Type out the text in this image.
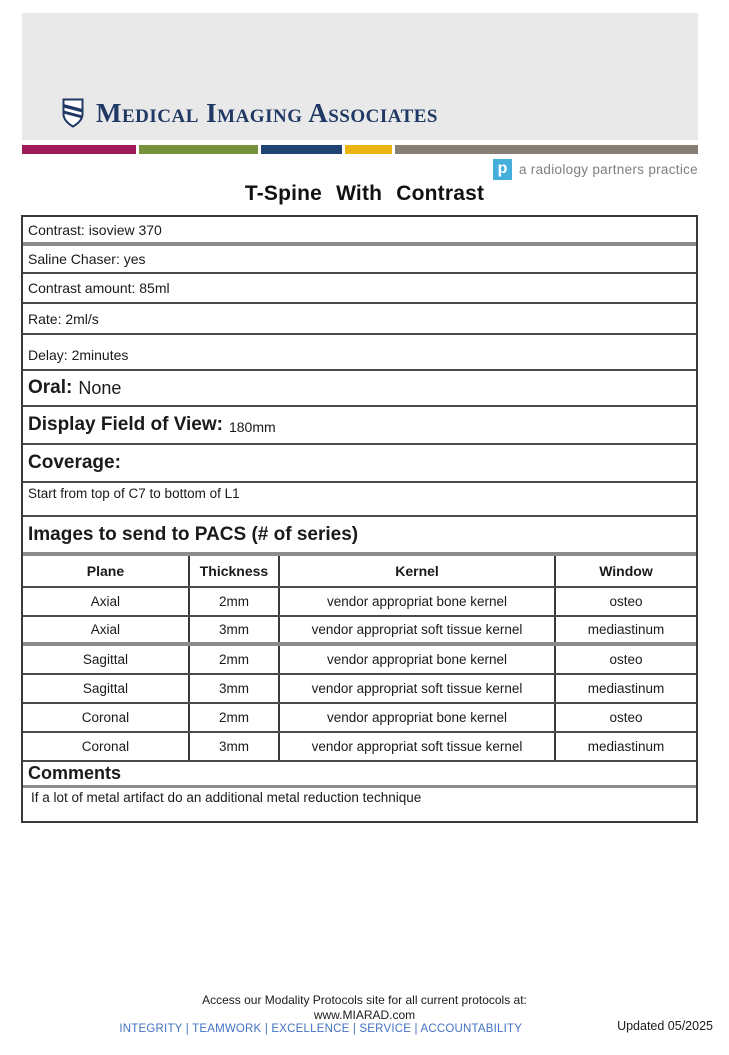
Medical Imaging Associates
p a radiology partners practice
T-Spine With Contrast
Contrast: isoview 370
Saline Chaser: yes
Contrast amount: 85ml
Rate: 2ml/s
Delay: 2minutes
Oral: None
Display Field of View: 180mm
Coverage:
Start from top of C7 to bottom of L1
Images to send to PACS (# of series)
Plane	Thickness	Kernel	Window
Axial	2mm	vendor appropriat bone kernel	osteo
Axial	3mm	vendor appropriat soft tissue kernel	mediastinum
Sagittal	2mm	vendor appropriat bone kernel	osteo
Sagittal	3mm	vendor appropriat soft tissue kernel	mediastinum
Coronal	2mm	vendor appropriat bone kernel	osteo
Coronal	3mm	vendor appropriat soft tissue kernel	mediastinum
Comments
If a lot of metal artifact do an additional metal reduction technique
Access our Modality Protocols site for all current protocols at:
www.MIARAD.com
INTEGRITY | TEAMWORK | EXCELLENCE | SERVICE | ACCOUNTABILITY	Updated 05/2025
